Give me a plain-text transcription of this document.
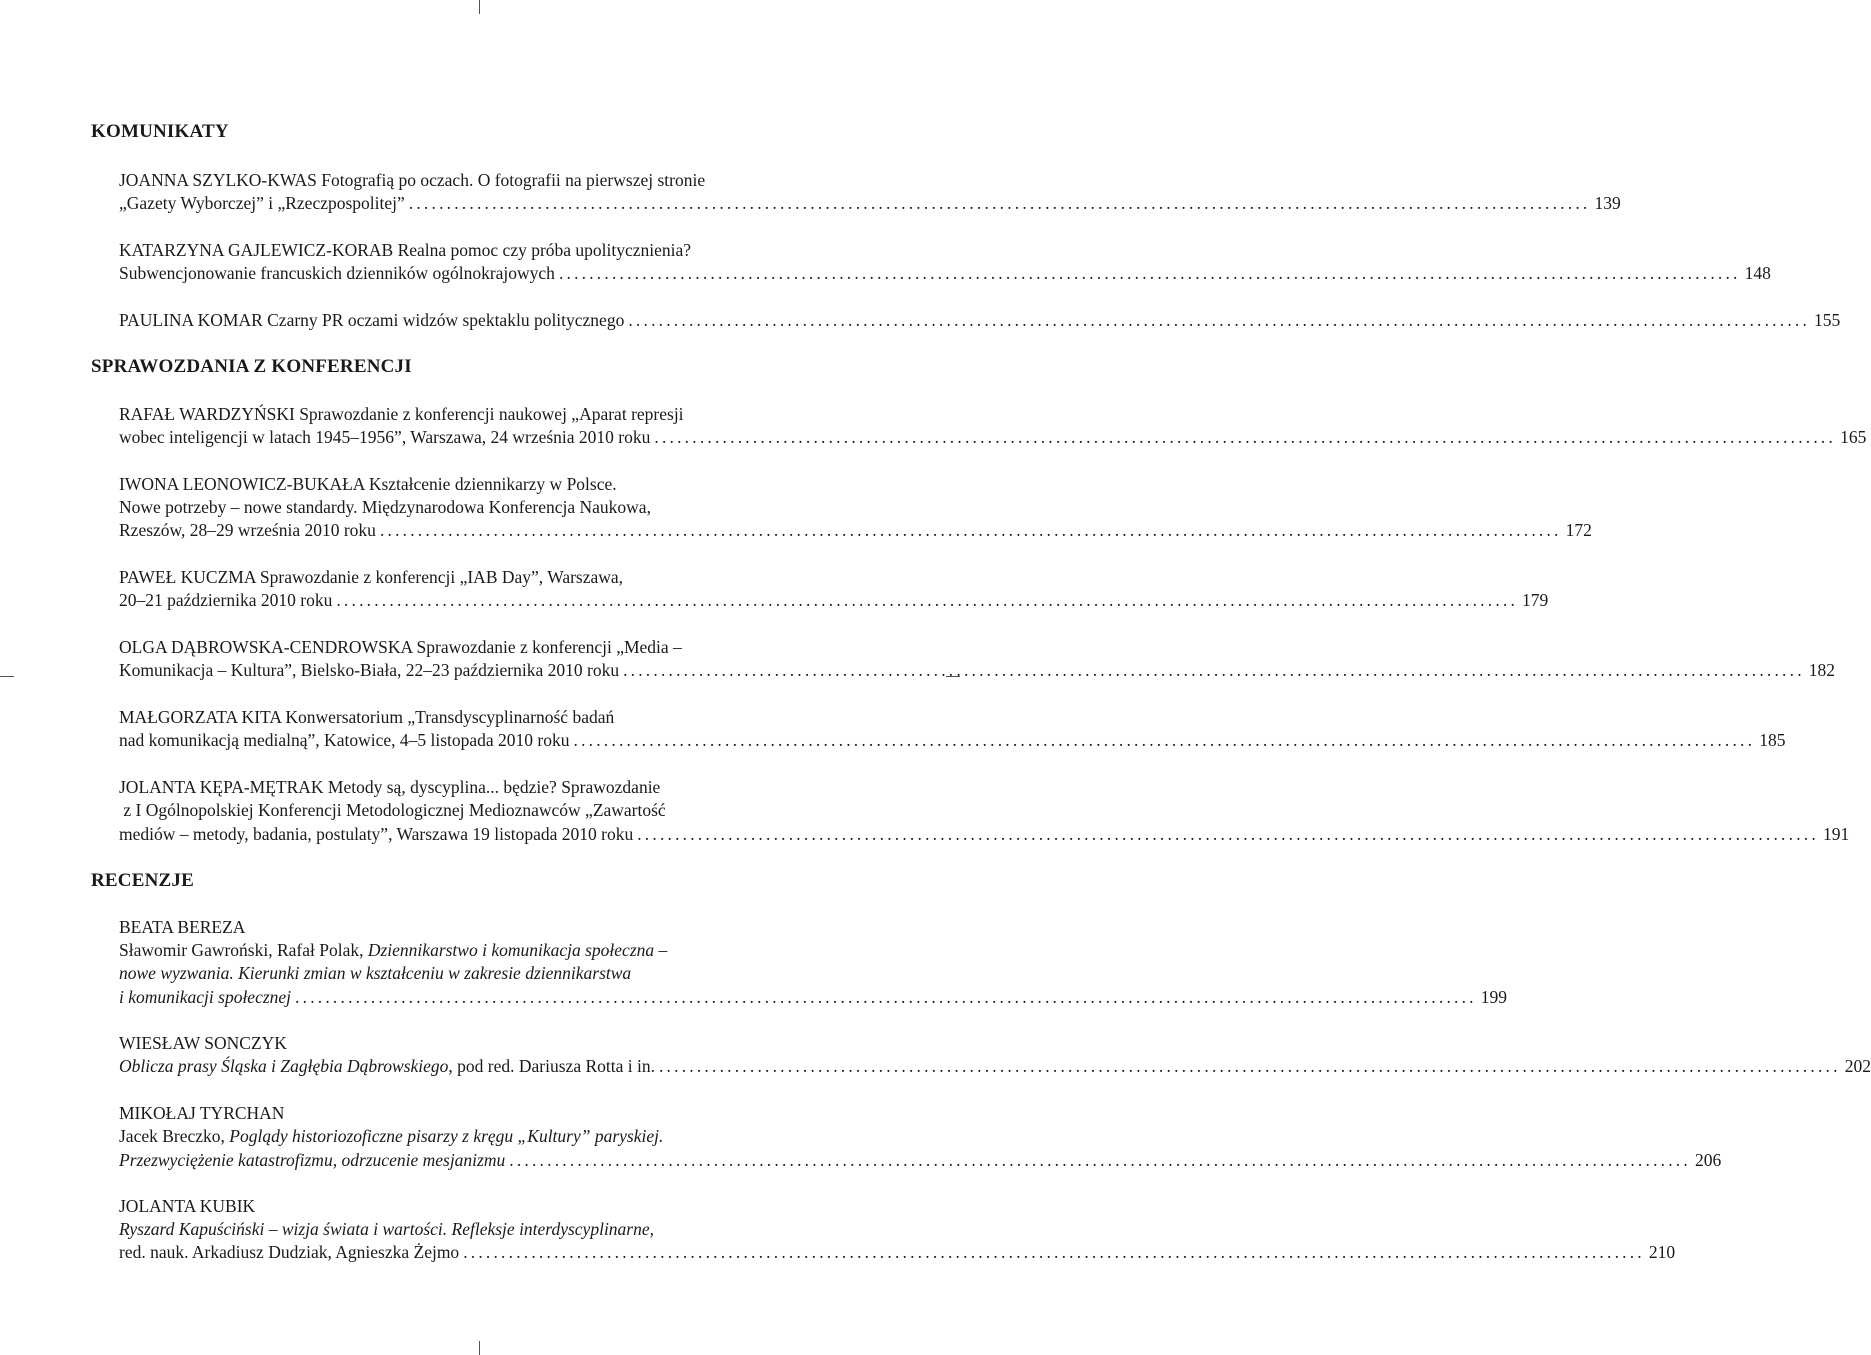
KOMUNIKATY
JOANNA SZYLKO-KWAS Fotografią po oczach. O fotografii na pierwszej stronie
„Gazety Wyborczej” i „Rzeczpospolitej” ............................................................................................................................................................ 139
KATARZYNA GAJLEWICZ-KORAB Realna pomoc czy próba upolitycznienia?
Subwencjonowanie francuskich dzienników ogólnokrajowych ............................................................................................................................................................ 148
PAULINA KOMAR Czarny PR oczami widzów spektaklu politycznego ............................................................................................................................................................ 155
SPRAWOZDANIA Z KONFERENCJI
RAFAŁ WARDZYŃSKI Sprawozdanie z konferencji naukowej „Aparat represji
wobec inteligencji w latach 1945–1956”, Warszawa, 24 września 2010 roku ............................................................................................................................................................ 165
IWONA LEONOWICZ-BUKAŁA Kształcenie dziennikarzy w Polsce.
Nowe potrzeby – nowe standardy. Międzynarodowa Konferencja Naukowa,
Rzeszów, 28–29 września 2010 roku ............................................................................................................................................................ 172
PAWEŁ KUCZMA Sprawozdanie z konferencji „IAB Day”, Warszawa,
20–21 października 2010 roku ............................................................................................................................................................ 179
OLGA DĄBROWSKA-CENDROWSKA Sprawozdanie z konferencji „Media –
Komunikacja – Kultura”, Bielsko-Biała, 22–23 października 2010 roku ............................................................................................................................................................ 182
MAŁGORZATA KITA Konwersatorium „Transdyscyplinarność badań
nad komunikacją medialną”, Katowice, 4–5 listopada 2010 roku ............................................................................................................................................................ 185
JOLANTA KĘPA-MĘTRAK Metody są, dyscyplina... będzie? Sprawozdanie
z I Ogólnopolskiej Konferencji Metodologicznej Medioznawców „Zawartość
mediów – metody, badania, postulaty”, Warszawa 19 listopada 2010 roku ............................................................................................................................................................ 191
RECENZJE
BEATA BEREZA
Sławomir Gawroński, Rafał Polak, Dziennikarstwo i komunikacja społeczna –
nowe wyzwania. Kierunki zmian w kształceniu w zakresie dziennikarstwa
i komunikacji społecznej ............................................................................................................................................................ 199
WIESŁAW SONCZYK
Oblicza prasy Śląska i Zagłębia Dąbrowskiego, pod red. Dariusza Rotta i in. ............................................................................................................................................................ 202
MIKOŁAJ TYRCHAN
Jacek Breczko, Poglądy historiozoficzne pisarzy z kręgu „Kultury” paryskiej.
Przezwyciężenie katastrofizmu, odrzucenie mesjanizmu ............................................................................................................................................................ 206
JOLANTA KUBIK
Ryszard Kapuściński – wizja świata i wartości. Refleksje interdyscyplinarne,
red. nauk. Arkadiusz Dudziak, Agnieszka Żejmo ............................................................................................................................................................ 210
